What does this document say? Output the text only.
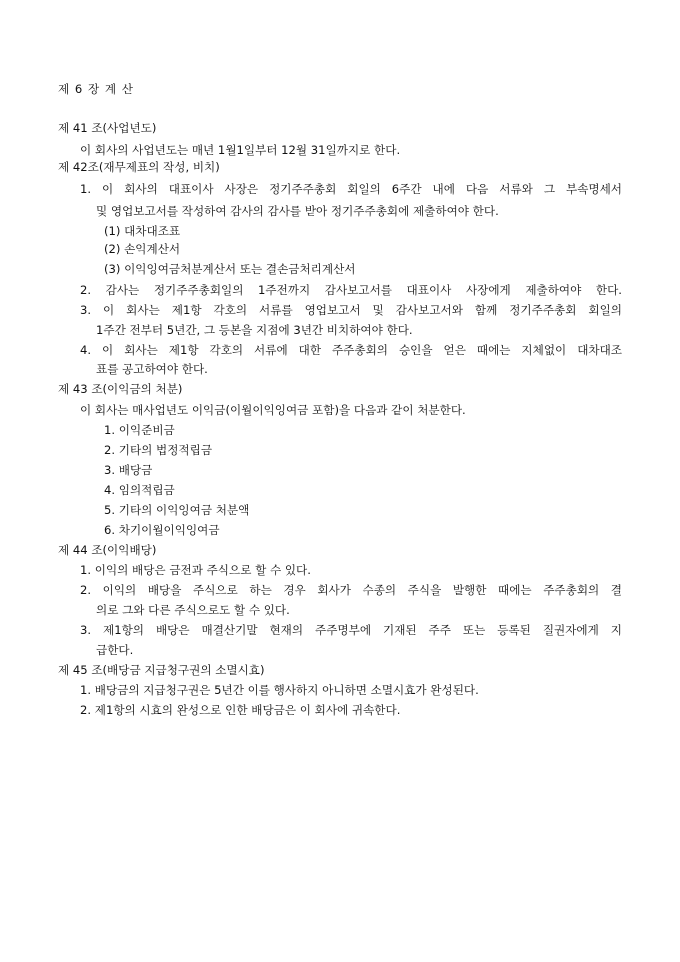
제 6 장 계 산
제 41 조(사업년도)
이 회사의 사업년도는 매년 1월1일부터 12월 31일까지로 한다.
제 42조(재무제표의 작성, 비치)
1. 이 회사의 대표이사 사장은 정기주주총회 회일의 6주간 내에 다음 서류와 그 부속명세서
및 영업보고서를 작성하여 감사의 감사를 받아 정기주주총회에 제출하여야 한다.
(1) 대차대조표
(2) 손익계산서
(3) 이익잉여금처분계산서 또는 결손금처리계산서
2. 감사는 정기주주총회일의 1주전까지 감사보고서를 대표이사 사장에게 제출하여야 한다.
3. 이 회사는 제1항 각호의 서류를 영업보고서 및 감사보고서와 함께 정기주주총회 회일의
1주간 전부터 5년간, 그 등본을 지점에 3년간 비치하여야 한다.
4. 이 회사는 제1항 각호의 서류에 대한 주주총회의 승인을 얻은 때에는 지체없이 대차대조
표를 공고하여야 한다.
제 43 조(이익금의 처분)
이 회사는 매사업년도 이익금(이월이익잉여금 포함)을 다음과 같이 처분한다.
1. 이익준비금
2. 기타의 법정적립금
3. 배당금
4. 임의적립금
5. 기타의 이익잉여금 처분액
6. 차기이월이익잉여금
제 44 조(이익배당)
1. 이익의 배당은 금전과 주식으로 할 수 있다.
2. 이익의 배당을 주식으로 하는 경우 회사가 수종의 주식을 발행한 때에는 주주총회의 결
의로 그와 다른 주식으로도 할 수 있다.
3. 제1항의 배당은 매결산기말 현재의 주주명부에 기재된 주주 또는 등록된 질권자에게 지
급한다.
제 45 조(배당금 지급청구권의 소멸시효)
1. 배당금의 지급청구권은 5년간 이를 행사하지 아니하면 소멸시효가 완성된다.
2. 제1항의 시효의 완성으로 인한 배당금은 이 회사에 귀속한다.
